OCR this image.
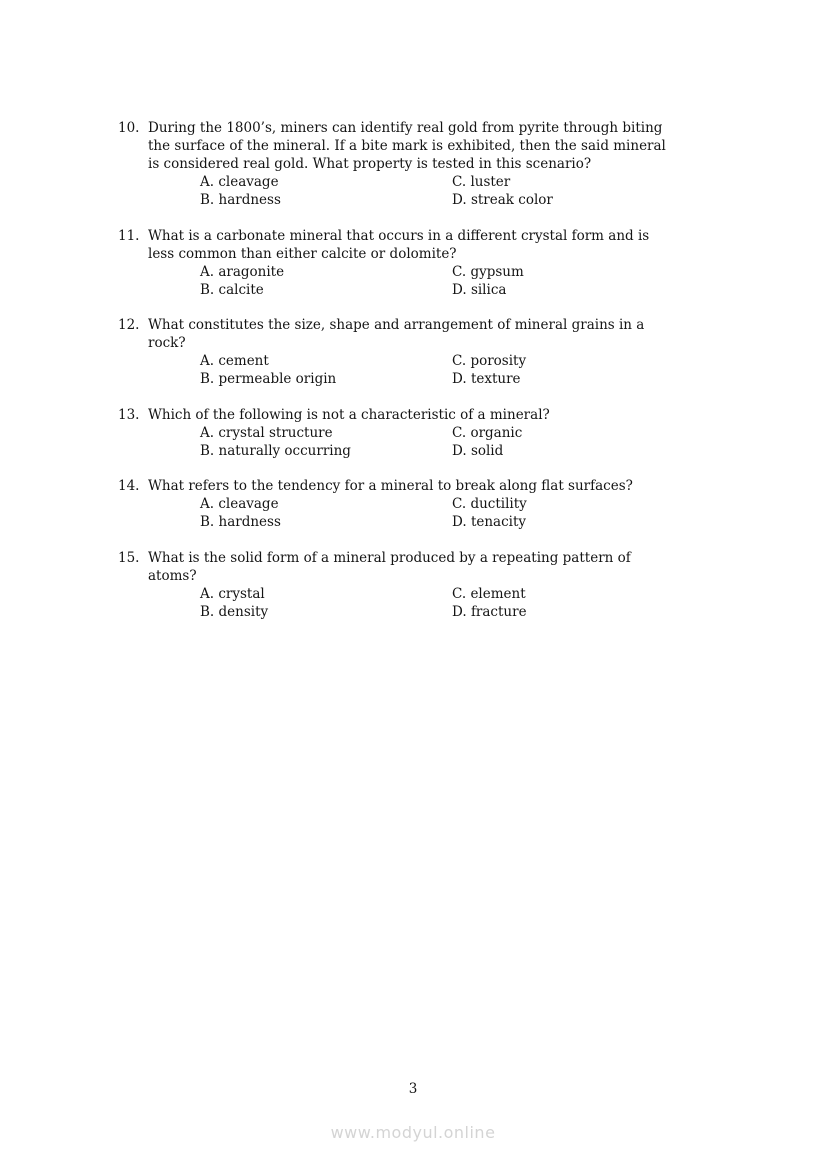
10. During the 1800’s, miners can identify real gold from pyrite through biting
the surface of the mineral. If a bite mark is exhibited, then the said mineral
is considered real gold. What property is tested in this scenario?
A. cleavage	C. luster
B. hardness	D. streak color
11. What is a carbonate mineral that occurs in a different crystal form and is
less common than either calcite or dolomite?
A. aragonite	C. gypsum
B. calcite	D. silica
12. What constitutes the size, shape and arrangement of mineral grains in a
rock?
A. cement	C. porosity
B. permeable origin	D. texture
13. Which of the following is not a characteristic of a mineral?
A. crystal structure	C. organic
B. naturally occurring	D. solid
14. What refers to the tendency for a mineral to break along flat surfaces?
A. cleavage	C. ductility
B. hardness	D. tenacity
15. What is the solid form of a mineral produced by a repeating pattern of
atoms?
A. crystal	C. element
B. density	D. fracture
3
www.modyul.online
